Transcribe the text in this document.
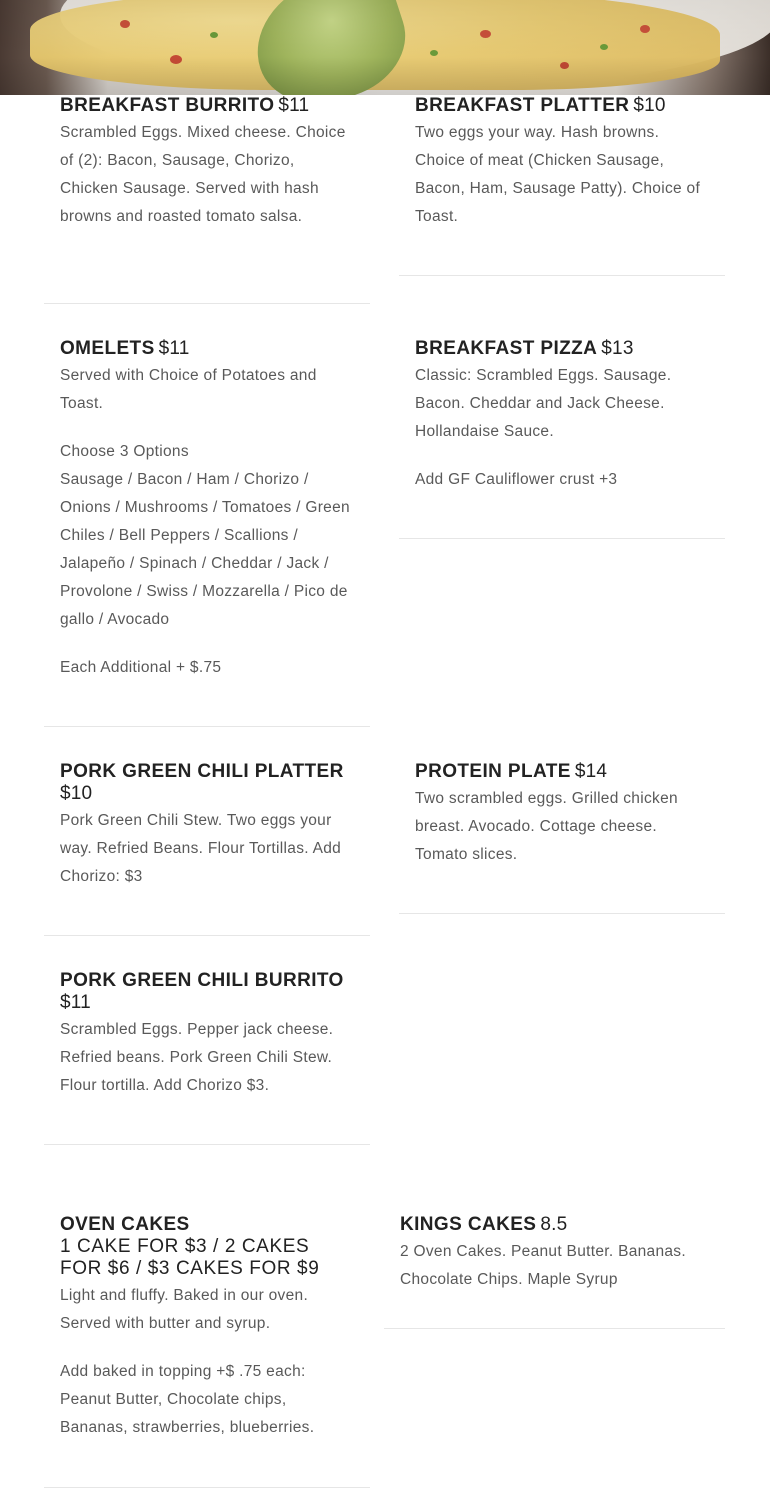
BREAKFAST BURRITO $11

Scrambled Eggs. Mixed cheese. Choice of (2): Bacon, Sausage, Chorizo, Chicken Sausage. Served with hash browns and roasted tomato salsa.

BREAKFAST PLATTER $10

Two eggs your way. Hash browns. Choice of meat (Chicken Sausage, Bacon, Ham, Sausage Patty). Choice of Toast.

OMELETS $11

Served with Choice of Potatoes and Toast.

Choose 3 Options
Sausage / Bacon / Ham / Chorizo / Onions / Mushrooms / Tomatoes / Green Chiles / Bell Peppers / Scallions / Jalapeño / Spinach / Cheddar / Jack / Provolone / Swiss / Mozzarella / Pico de gallo / Avocado

Each Additional + $.75

BREAKFAST PIZZA $13

Classic: Scrambled Eggs. Sausage. Bacon. Cheddar and Jack Cheese. Hollandaise Sauce.

Add GF Cauliflower crust +3

PORK GREEN CHILI PLATTER
$10

Pork Green Chili Stew. Two eggs your way. Refried Beans. Flour Tortillas. Add Chorizo: $3

PROTEIN PLATE $14

Two scrambled eggs. Grilled chicken breast. Avocado. Cottage cheese. Tomato slices.

PORK GREEN CHILI BURRITO
$11

Scrambled Eggs. Pepper jack cheese. Refried beans. Pork Green Chili Stew. Flour tortilla. Add Chorizo $3.

OVEN CAKES
1 CAKE FOR $3 / 2 CAKES
FOR $6 / $3 CAKES FOR $9

Light and fluffy. Baked in our oven. Served with butter and syrup.

Add baked in topping +$ .75 each: Peanut Butter, Chocolate chips, Bananas, strawberries, blueberries.

KINGS CAKES 8.5

2 Oven Cakes. Peanut Butter. Bananas. Chocolate Chips. Maple Syrup
